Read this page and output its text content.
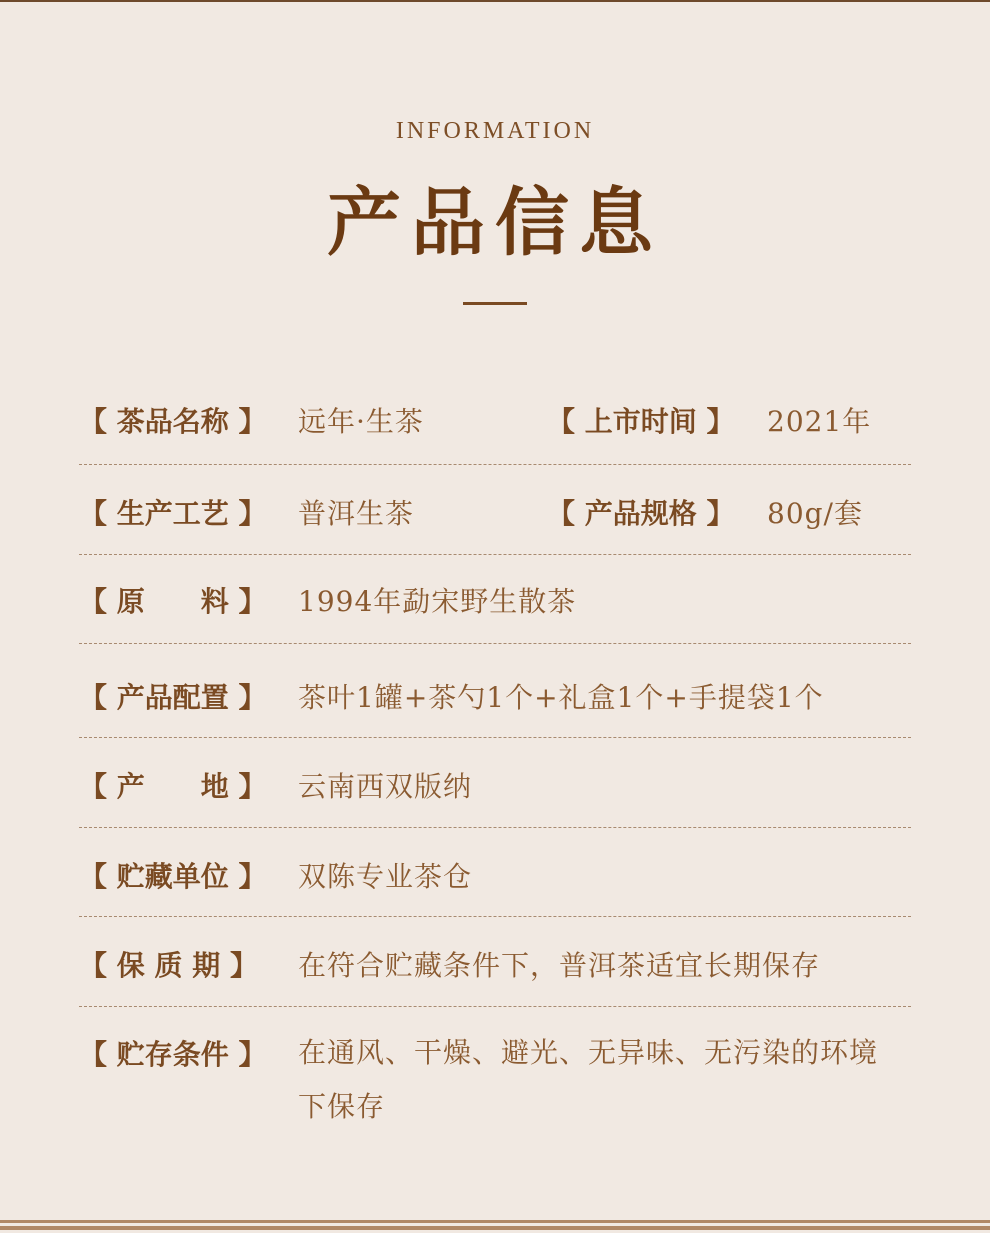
INFORMATION
产品信息
【 茶品名称 】 远年·生茶	【 上市时间 】 2021年
【 生产工艺 】 普洱生茶	【 产品规格 】 80g/套
【 原　　料 】 1994年勐宋野生散茶
【 产品配置 】 茶叶1罐+茶勺1个+礼盒1个+手提袋1个
【 产　　地 】 云南西双版纳
【 贮藏单位 】 双陈专业茶仓
【 保 质 期 】 在符合贮藏条件下，普洱茶适宜长期保存
【 贮存条件 】 在通风、干燥、避光、无异味、无污染的环境下保存
